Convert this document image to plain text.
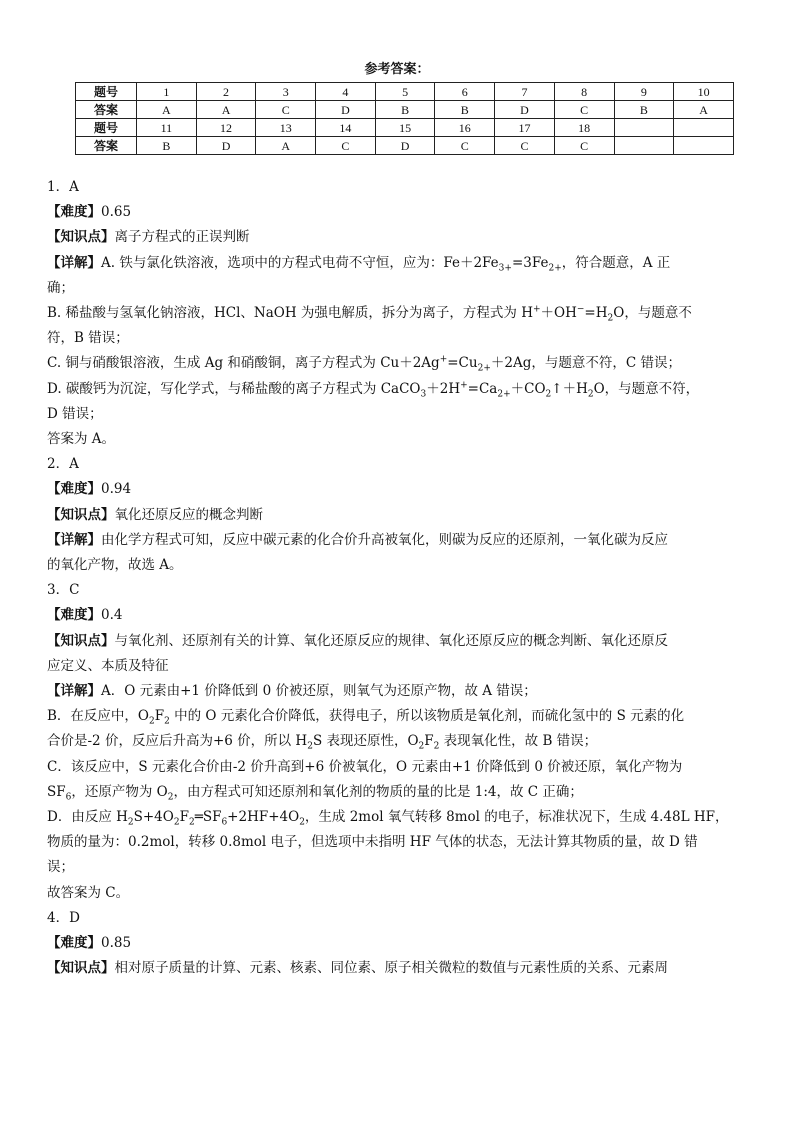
参考答案：
题号	1	2	3	4	5	6	7	8	9	10
答案	A	A	C	D	B	B	D	C	B	A
题号	11	12	13	14	15	16	17	18		
答案	B	D	A	C	D	C	C	C		

1．A

【难度】0.65

【知识点】离子方程式的正误判断

【详解】A. 铁与氯化铁溶液，选项中的方程式电荷不守恒，应为：$Fe+2Fe_{3+}=3Fe_{2+}$，符合题意，A 正

确；

B. 稀盐酸与氢氧化钠溶液，HCl、NaOH 为强电解质，拆分为离子，方程式为 $H^++OH^-=H_2O$，与题意不

符，B 错误；

C. 铜与硝酸银溶液，生成 Ag 和硝酸铜，离子方程式为 $Cu+2Ag^+=Cu_{2+}+2Ag$，与题意不符，C 错误；

D. 碳酸钙为沉淀，写化学式，与稀盐酸的离子方程式为 $CaCO_3+2H^+=Ca_{2+}+CO_2↑+H_2O$，与题意不符，

D 错误；

答案为 A。

2．A

【难度】0.94

【知识点】氧化还原反应的概念判断

【详解】由化学方程式可知，反应中碳元素的化合价升高被氧化，则碳为反应的还原剂，一氧化碳为反应

的氧化产物，故选 A。

3．C

【难度】0.4

【知识点】与氧化剂、还原剂有关的计算、氧化还原反应的规律、氧化还原反应的概念判断、氧化还原反

应定义、本质及特征

【详解】A．O 元素由+1 价降低到 0 价被还原，则氧气为还原产物，故 A 错误；

B．在反应中，$O_2F_2$ 中的 O 元素化合价降低，获得电子，所以该物质是氧化剂，而硫化氢中的 S 元素的化

合价是-2 价，反应后升高为+6 价，所以 $H_2S$ 表现还原性，$O_2F_2$ 表现氧化性，故 B 错误；

C．该反应中，S 元素化合价由-2 价升高到+6 价被氧化，O 元素由+1 价降低到 0 价被还原，氧化产物为

$SF_6$，还原产物为 $O_2$，由方程式可知还原剂和氧化剂的物质的量的比是 1:4，故 C 正确；

D．由反应 $H_2S+4O_2F_2═SF_6+2HF+4O_2$，生成 2mol 氧气转移 8mol 的电子，标准状况下，生成 4.48L HF，

物质的量为：0.2mol，转移 0.8mol 电子，但选项中未指明 HF 气体的状态，无法计算其物质的量，故 D 错

误；

故答案为 C。

4．D

【难度】0.85

【知识点】相对原子质量的计算、元素、核素、同位素、原子相关微粒的数值与元素性质的关系、元素周
